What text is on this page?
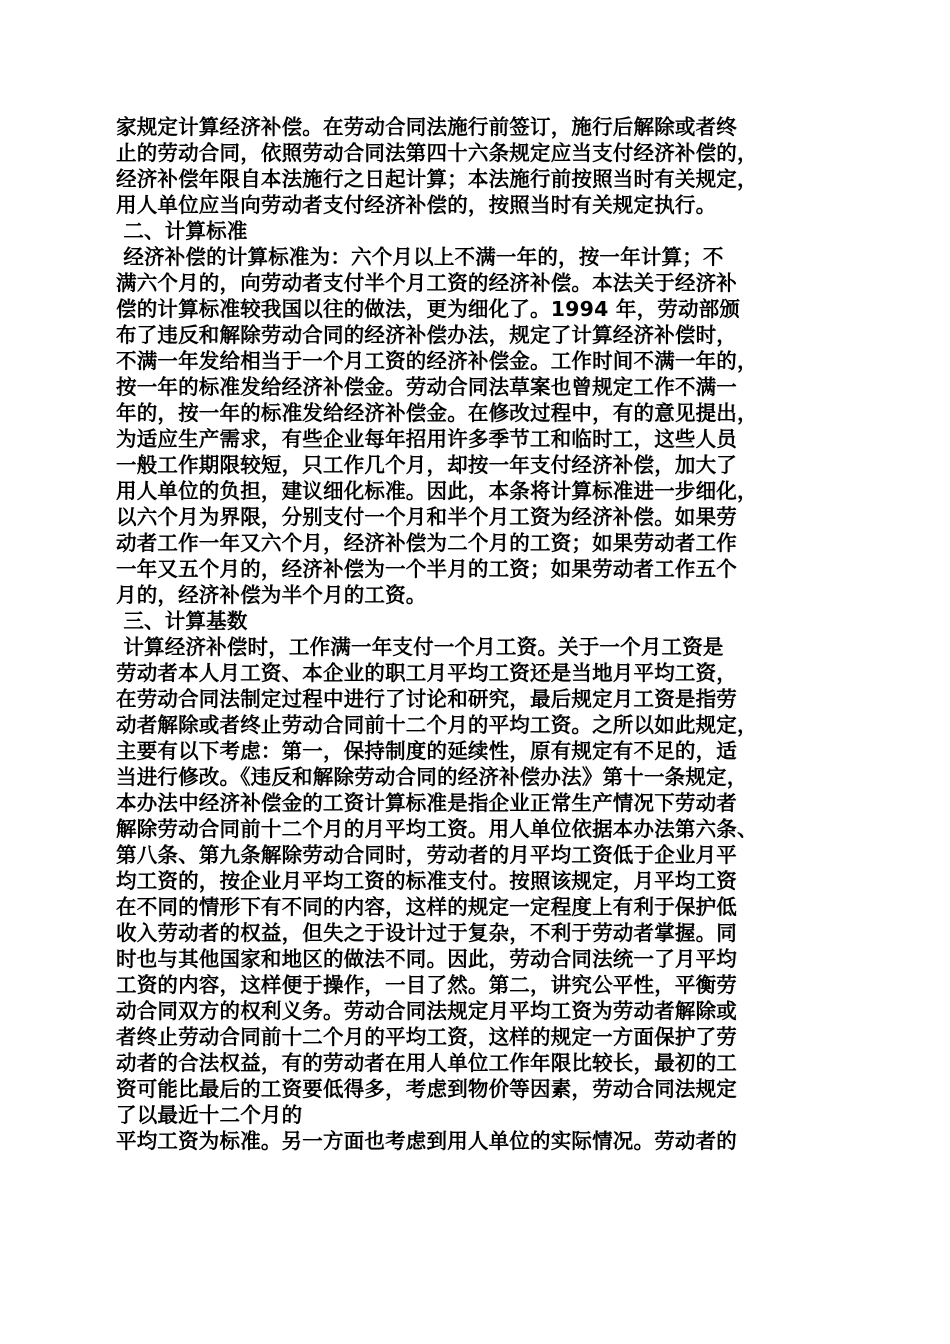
家规定计算经济补偿。在劳动合同法施行前签订，施行后解除或者终
止的劳动合同，依照劳动合同法第四十六条规定应当支付经济补偿的，
经济补偿年限自本法施行之日起计算；本法施行前按照当时有关规定，
用人单位应当向劳动者支付经济补偿的，按照当时有关规定执行。
二、计算标准
经济补偿的计算标准为：六个月以上不满一年的，按一年计算；不
满六个月的，向劳动者支付半个月工资的经济补偿。本法关于经济补
偿的计算标准较我国以往的做法，更为细化了。1994 年，劳动部颁
布了违反和解除劳动合同的经济补偿办法，规定了计算经济补偿时，
不满一年发给相当于一个月工资的经济补偿金。工作时间不满一年的，
按一年的标准发给经济补偿金。劳动合同法草案也曾规定工作不满一
年的，按一年的标准发给经济补偿金。在修改过程中，有的意见提出，
为适应生产需求，有些企业每年招用许多季节工和临时工，这些人员
一般工作期限较短，只工作几个月，却按一年支付经济补偿，加大了
用人单位的负担，建议细化标准。因此，本条将计算标准进一步细化，
以六个月为界限，分别支付一个月和半个月工资为经济补偿。如果劳
动者工作一年又六个月，经济补偿为二个月的工资；如果劳动者工作
一年又五个月的，经济补偿为一个半月的工资；如果劳动者工作五个
月的，经济补偿为半个月的工资。
三、计算基数
计算经济补偿时，工作满一年支付一个月工资。关于一个月工资是
劳动者本人月工资、本企业的职工月平均工资还是当地月平均工资，
在劳动合同法制定过程中进行了讨论和研究，最后规定月工资是指劳
动者解除或者终止劳动合同前十二个月的平均工资。之所以如此规定，
主要有以下考虑：第一，保持制度的延续性，原有规定有不足的，适
当进行修改。《违反和解除劳动合同的经济补偿办法》第十一条规定，
本办法中经济补偿金的工资计算标准是指企业正常生产情况下劳动者
解除劳动合同前十二个月的月平均工资。用人单位依据本办法第六条、
第八条、第九条解除劳动合同时，劳动者的月平均工资低于企业月平
均工资的，按企业月平均工资的标准支付。按照该规定，月平均工资
在不同的情形下有不同的内容，这样的规定一定程度上有利于保护低
收入劳动者的权益，但失之于设计过于复杂，不利于劳动者掌握。同
时也与其他国家和地区的做法不同。因此，劳动合同法统一了月平均
工资的内容，这样便于操作，一目了然。第二，讲究公平性，平衡劳
动合同双方的权利义务。劳动合同法规定月平均工资为劳动者解除或
者终止劳动合同前十二个月的平均工资，这样的规定一方面保护了劳
动者的合法权益，有的劳动者在用人单位工作年限比较长，最初的工
资可能比最后的工资要低得多，考虑到物价等因素，劳动合同法规定
了以最近十二个月的
平均工资为标准。另一方面也考虑到用人单位的实际情况。劳动者的
